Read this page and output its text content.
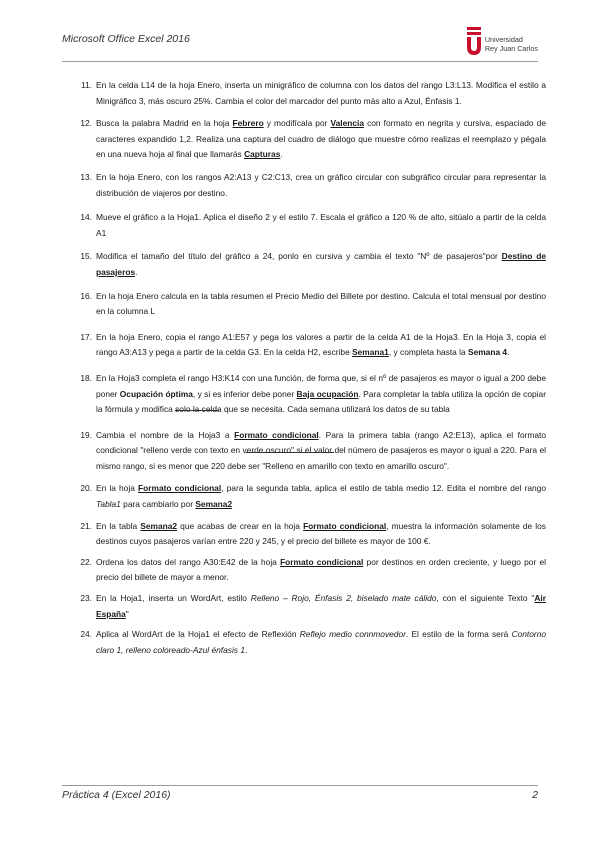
Microsoft Office Excel 2016	Universidad
Rey Juan Carlos
11. En la celda L14 de la hoja Enero, inserta un minigráfico de columna con los datos del rango L3:L13. Modifica el estilo a Minigráfico 3, más oscuro 25%. Cambia el color del marcador del punto más alto a Azul, Énfasis 1.
12. Busca la palabra Madrid en la hoja Febrero y modifícala por Valencia con formato en negrita y cursiva, espaciado de caracteres expandido 1,2. Realiza una captura del cuadro de diálogo que muestre cómo realizas el reemplazo y pégala en una nueva hoja al final que llamarás Capturas.
13. En la hoja Enero, con los rangos A2:A13 y C2:C13, crea un gráfico circular con subgráfico circular para representar la distribución de viajeros por destino.
14. Mueve el gráfico a la Hoja1. Aplica el diseño 2 y el estilo 7. Escala el gráfico a 120 % de alto, sitúalo a partir de la celda A1
15. Modifica el tamaño del título del gráfico a 24, ponlo en cursiva y cambia el texto "Nº de pasajeros"por Destino de pasajeros.
16. En la hoja Enero calcula en la tabla resumen el Precio Medio del Billete por destino. Calcula el total mensual por destino en la columna L
17. En la hoja Enero, copia el rango A1:E57 y pega los valores a partir de la celda A1 de la Hoja3. En la Hoja 3, copia el rango A3:A13 y pega a partir de la celda G3. En la celda H2, escribe Semana1, y completa hasta la Semana 4.
18. En la Hoja3 completa el rango H3:K14 con una función, de forma que, si el nº de pasajeros es mayor o igual a 200 debe poner Ocupación óptima, y si es inferior debe poner Baja ocupación. Para completar la tabla utiliza la opción de copiar la fórmula y modifica solo la celda que se necesita. Cada semana utilizará los datos de su tabla
19. Cambia el nombre de la Hoja3 a Formato condicional. Para la primera tabla (rango A2:E13), aplica el formato condicional "relleno verde con texto en verde oscuro" si el valor del número de pasajeros es mayor o igual a 220. Para el mismo rango, si es menor que 220 debe ser "Relleno en amarillo con texto en amarillo oscuro".
20. En la hoja Formato condicional, para la segunda tabla, aplica el estilo de tabla medio 12. Edita el nombre del rango Tabla1 para cambiarlo por Semana2
21. En la tabla Semana2 que acabas de crear en la hoja Formato condicional, muestra la información solamente de los destinos cuyos pasajeros varían entre 220 y 245, y el precio del billete es mayor de 100 €.
22. Ordena los datos del rango A30:E42 de la hoja Formato condicional por destinos en orden creciente, y luego por el precio del billete de mayor a menor.
23. En la Hoja1, inserta un WordArt, estilo Relleno – Rojo, Énfasis 2, biselado mate cálido, con el siguiente Texto "Air España"
24. Aplica al WordArt de la Hoja1 el efecto de Reflexión Reflejo medio connmovedor. El estilo de la forma será Contorno claro 1, relleno coloreado-Azul énfasis 1.
Práctica 4 (Excel 2016)	2
